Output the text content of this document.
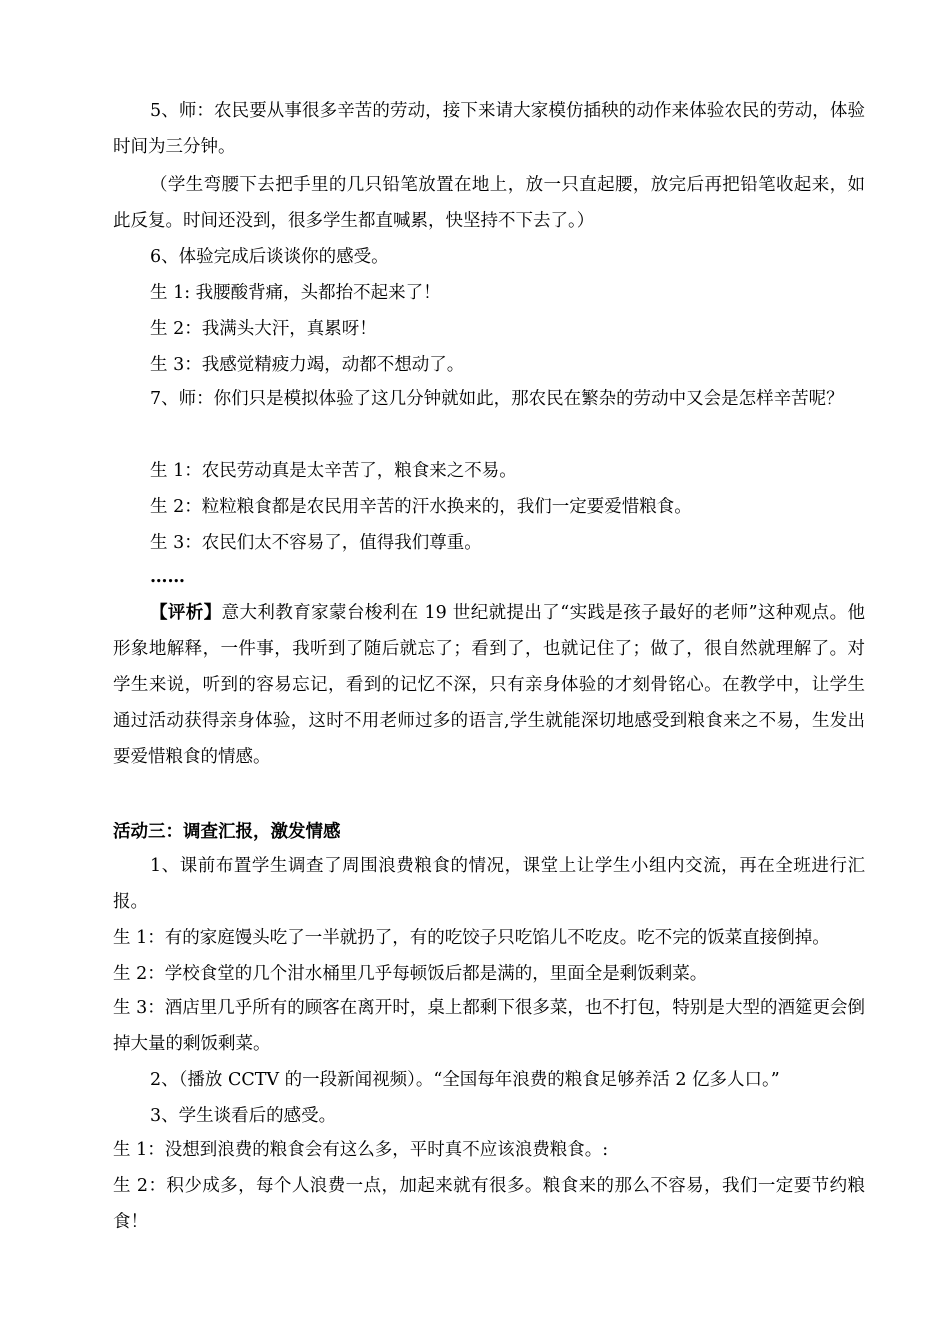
5、师：农民要从事很多辛苦的劳动，接下来请大家模仿插秧的动作来体验农民的劳动，体验时间为三分钟。

（学生弯腰下去把手里的几只铅笔放置在地上，放一只直起腰，放完后再把铅笔收起来，如此反复。时间还没到，很多学生都直喊累，快坚持不下去了。）

6、体验完成后谈谈你的感受。

生 1: 我腰酸背痛，头都抬不起来了！

生 2：我满头大汗，真累呀！

生 3：我感觉精疲力竭，动都不想动了。

7、师：你们只是模拟体验了这几分钟就如此，那农民在繁杂的劳动中又会是怎样辛苦呢？

生 1：农民劳动真是太辛苦了，粮食来之不易。

生 2：粒粒粮食都是农民用辛苦的汗水换来的，我们一定要爱惜粮食。

生 3：农民们太不容易了，值得我们尊重。

……

【评析】意大利教育家蒙台梭利在 19 世纪就提出了“实践是孩子最好的老师”这种观点。他形象地解释，一件事，我听到了随后就忘了；看到了，也就记住了；做了，很自然就理解了。对学生来说，听到的容易忘记，看到的记忆不深，只有亲身体验的才刻骨铭心。在教学中，让学生通过活动获得亲身体验，这时不用老师过多的语言,学生就能深切地感受到粮食来之不易，生发出要爱惜粮食的情感。

活动三：调查汇报，激发情感

1、课前布置学生调查了周围浪费粮食的情况，课堂上让学生小组内交流，再在全班进行汇报。

生 1：有的家庭馒头吃了一半就扔了，有的吃饺子只吃馅儿不吃皮。吃不完的饭菜直接倒掉。

生 2：学校食堂的几个泔水桶里几乎每顿饭后都是满的，里面全是剩饭剩菜。

生 3：酒店里几乎所有的顾客在离开时，桌上都剩下很多菜，也不打包，特别是大型的酒筵更会倒掉大量的剩饭剩菜。

2、（播放 CCTV 的一段新闻视频）。“全国每年浪费的粮食足够养活 2 亿多人口。”

3、学生谈看后的感受。

生 1：没想到浪费的粮食会有这么多，平时真不应该浪费粮食。:

生 2：积少成多，每个人浪费一点，加起来就有很多。粮食来的那么不容易，我们一定要节约粮食！
